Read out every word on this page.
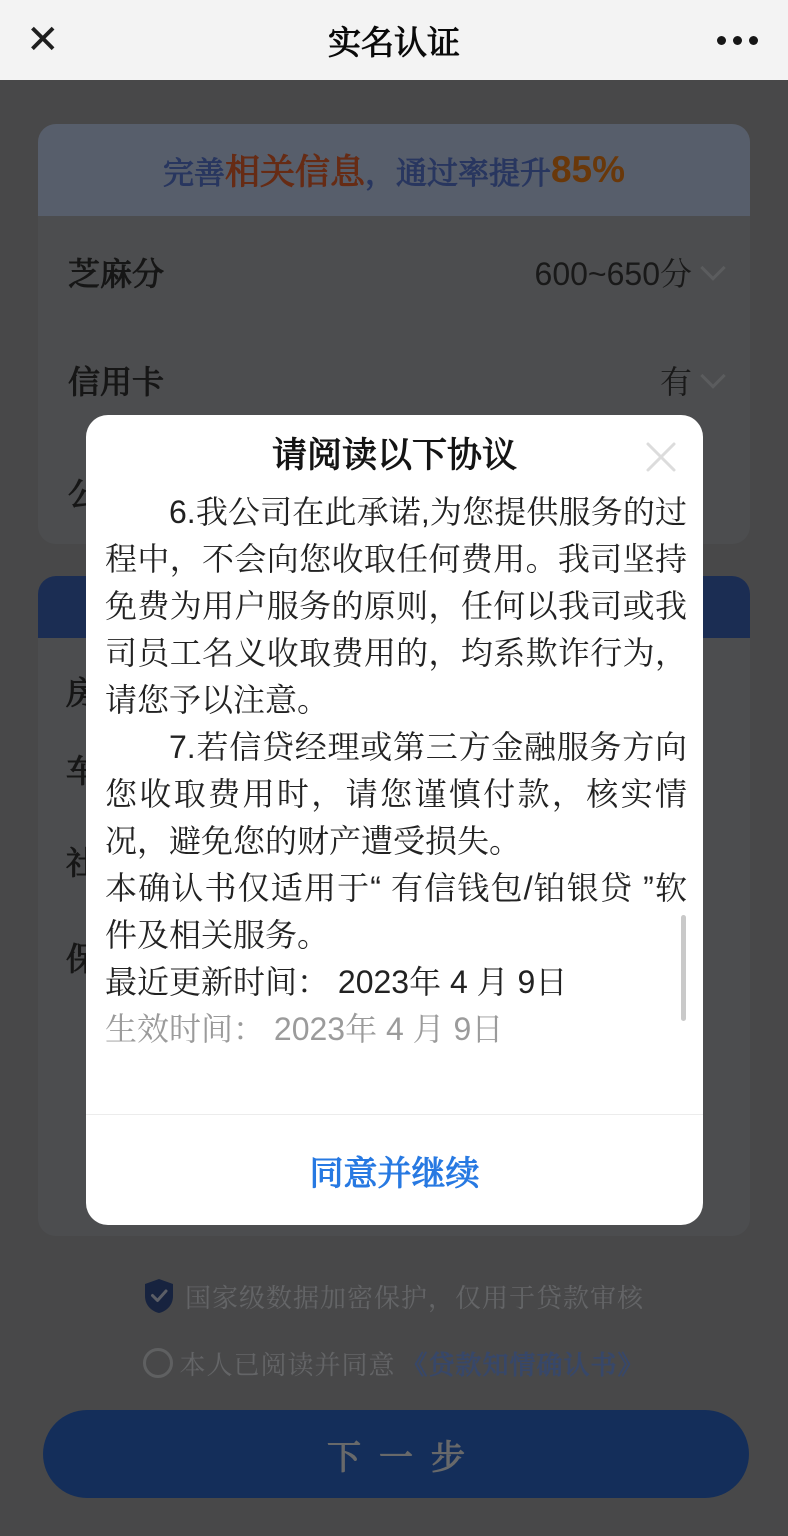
✕	实名认证
请阅读以下协议

6.我公司在此承诺,为您提供服务的过程中，不会向您收取任何费用。我司坚持免费为用户服务的原则，任何以我司或我司员工名义收取费用的，均系欺诈行为，请您予以注意。

7.若信贷经理或第三方金融服务方向您收取费用时，请您谨慎付款，核实情况，避免您的财产遭受损失。

本确认书仅适用于“ 有信钱包/铂银贷 ”软件及相关服务。

最近更新时间： 2023年 4 月 9日

生效时间： 2023年 4 月 9日

同意并继续
